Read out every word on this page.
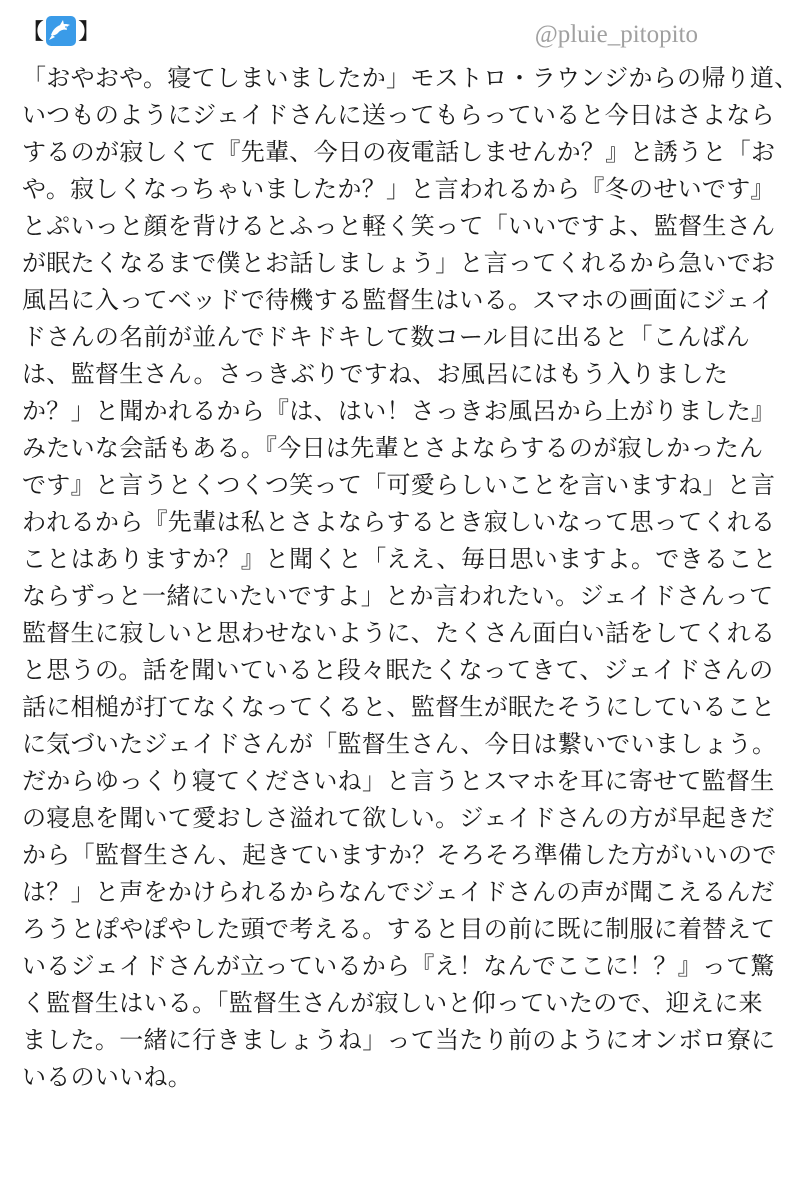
【 】	@pluie_pitopito
「おやおや。寝てしまいましたか」モストロ・ラウンジからの帰り道、
いつものようにジェイドさんに送ってもらっていると今日はさよなら
するのが寂しくて『先輩、今日の夜電話しませんか？』と誘うと「お
や。寂しくなっちゃいましたか？」と言われるから『冬のせいです』
とぷいっと顔を背けるとふっと軽く笑って「いいですよ、監督生さん
が眠たくなるまで僕とお話しましょう」と言ってくれるから急いでお
風呂に入ってベッドで待機する監督生はいる。スマホの画面にジェイ
ドさんの名前が並んでドキドキして数コール目に出ると「こんばん
は、監督生さん。さっきぶりですね、お風呂にはもう入りました
か？」と聞かれるから『は、はい！さっきお風呂から上がりました』
みたいな会話もある。『今日は先輩とさよならするのが寂しかったん
です』と言うとくつくつ笑って「可愛らしいことを言いますね」と言
われるから『先輩は私とさよならするとき寂しいなって思ってくれる
ことはありますか？』と聞くと「ええ、毎日思いますよ。できること
ならずっと一緒にいたいですよ」とか言われたい。ジェイドさんって
監督生に寂しいと思わせないように、たくさん面白い話をしてくれる
と思うの。話を聞いていると段々眠たくなってきて、ジェイドさんの
話に相槌が打てなくなってくると、監督生が眠たそうにしていること
に気づいたジェイドさんが「監督生さん、今日は繋いでいましょう。
だからゆっくり寝てくださいね」と言うとスマホを耳に寄せて監督生
の寝息を聞いて愛おしさ溢れて欲しい。ジェイドさんの方が早起きだ
から「監督生さん、起きていますか？そろそろ準備した方がいいので
は？」と声をかけられるからなんでジェイドさんの声が聞こえるんだ
ろうとぽやぽやした頭で考える。すると目の前に既に制服に着替えて
いるジェイドさんが立っているから『え！なんでここに！？』って驚
く監督生はいる。「監督生さんが寂しいと仰っていたので、迎えに来
ました。一緒に行きましょうね」って当たり前のようにオンボロ寮に
いるのいいね。
